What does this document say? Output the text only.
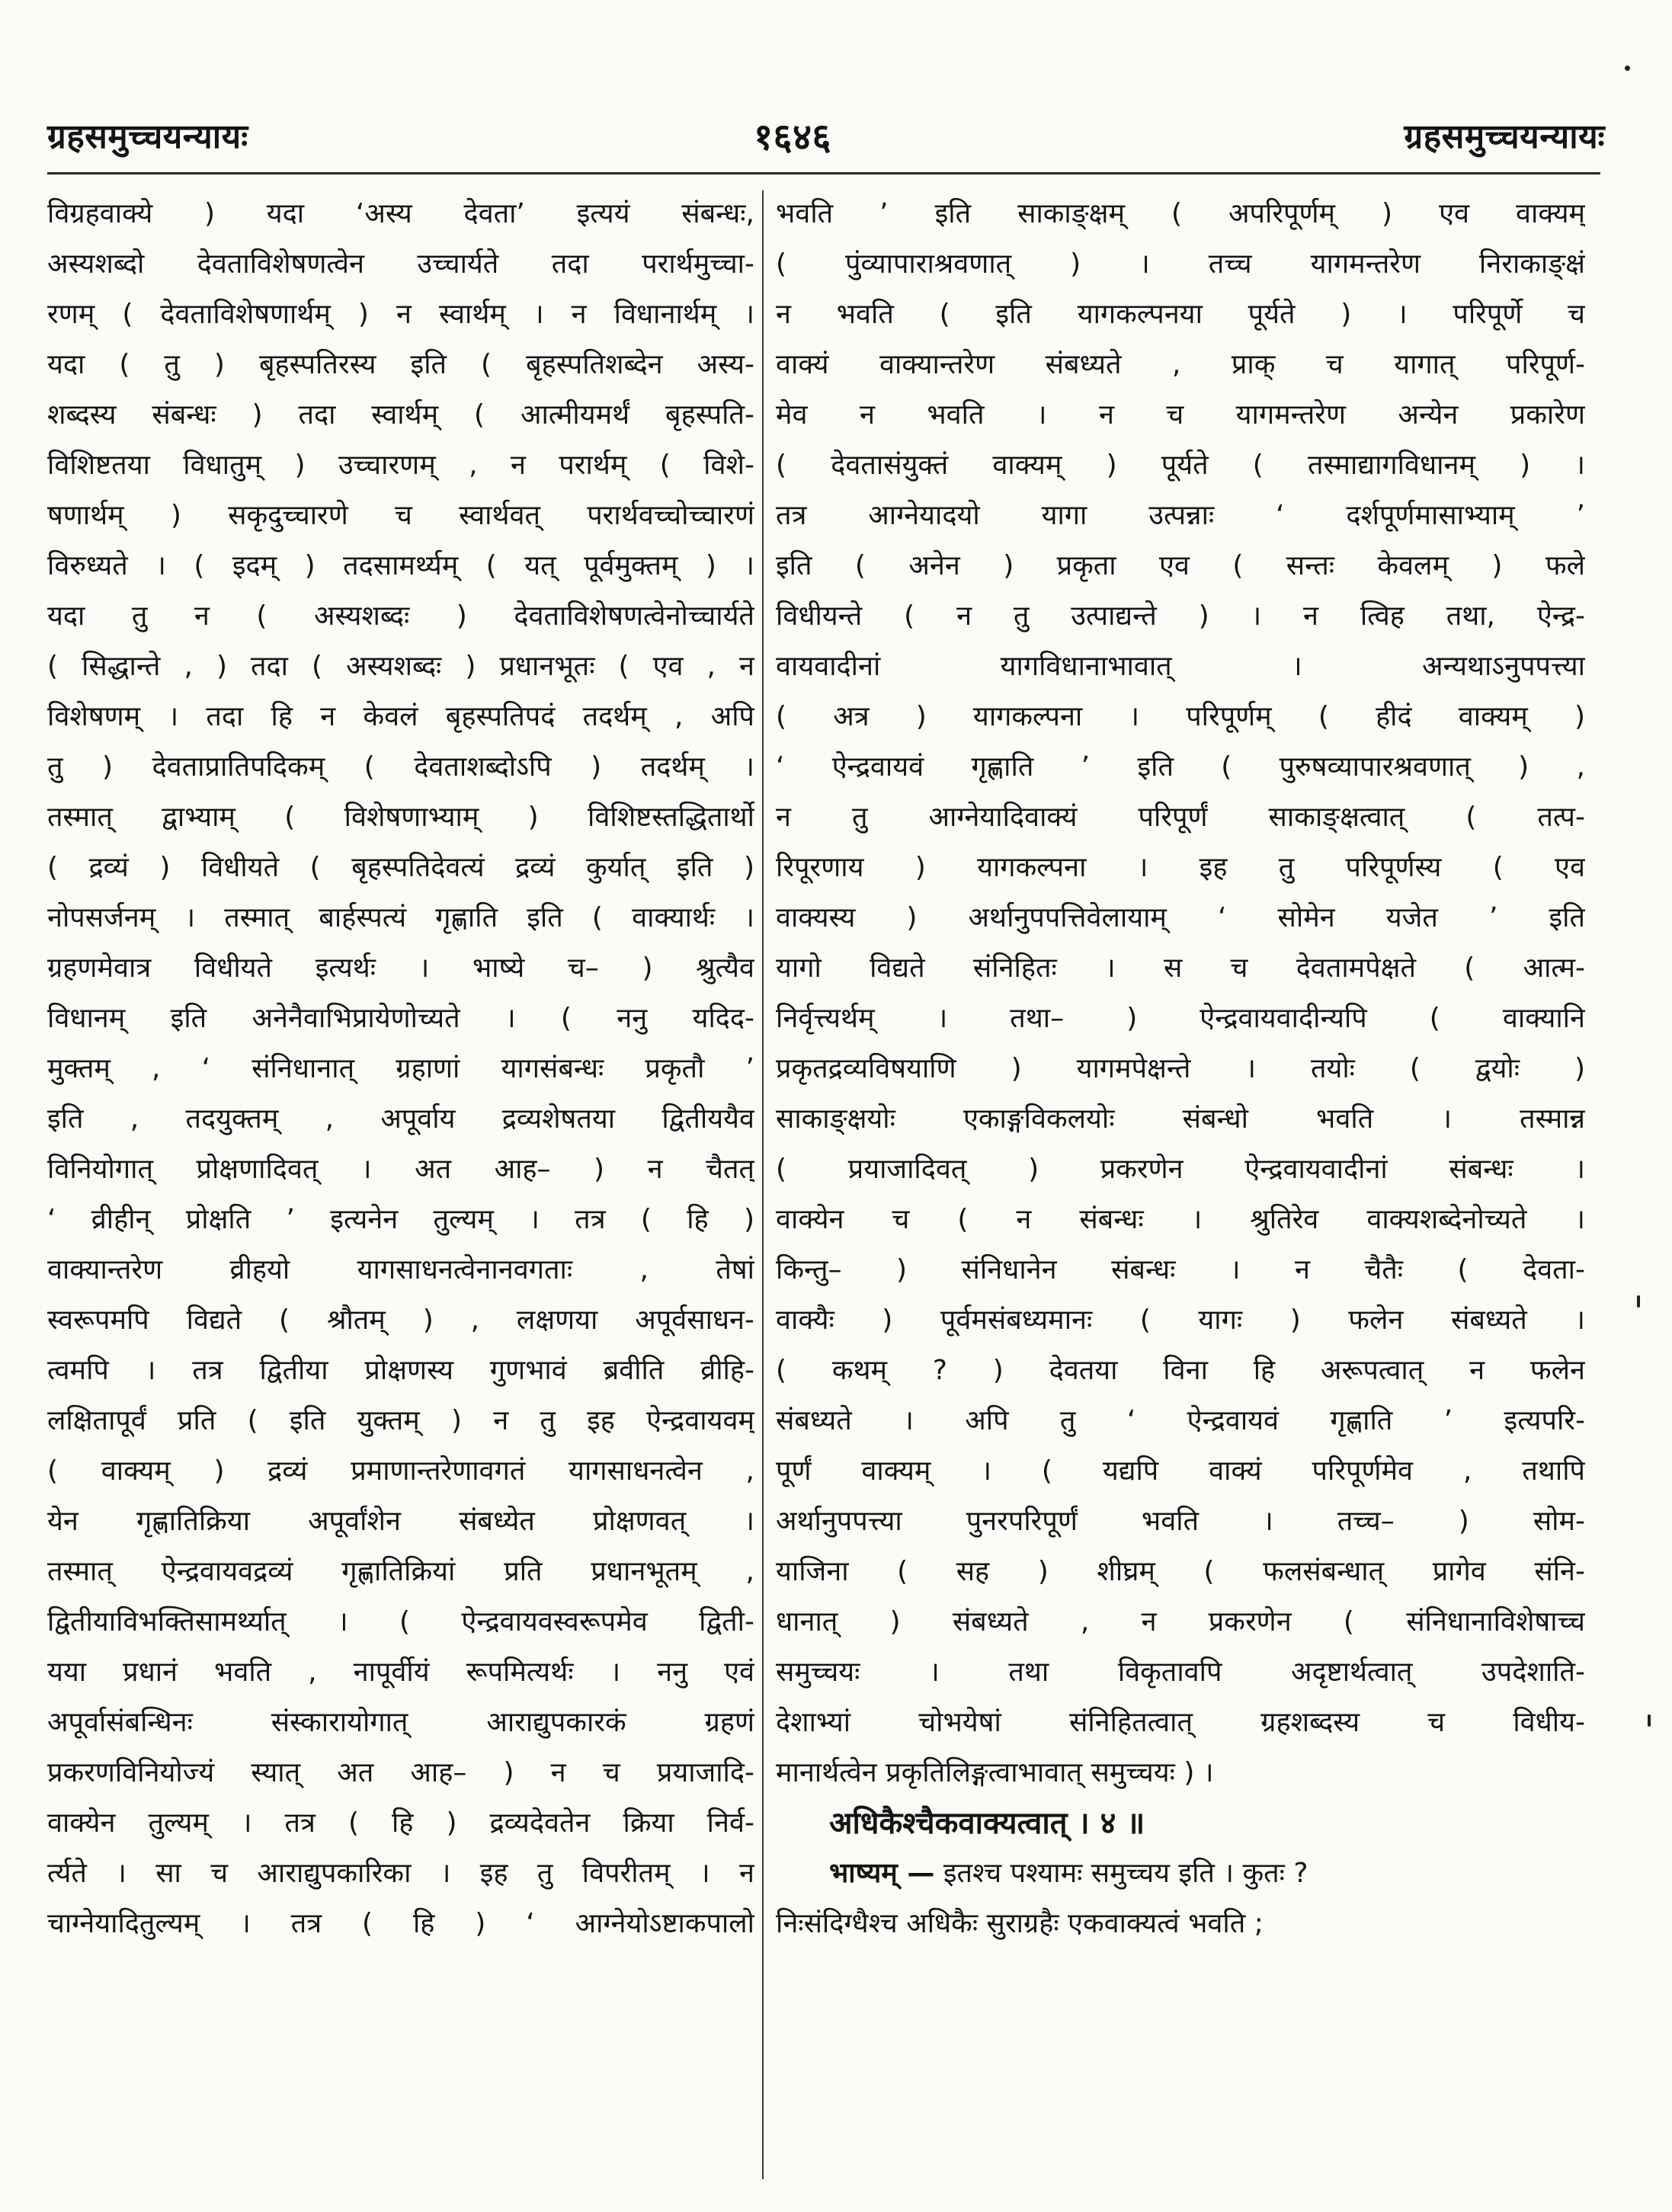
ग्रहसमुच्चयन्यायः	१६४६	ग्रहसमुच्चयन्यायः
विग्रहवाक्ये ) यदा ‘अस्य देवता’ इत्ययं संबन्धः,
अस्यशब्दो देवताविशेषणत्वेन उच्चार्यते तदा परार्थमुच्चा-
रणम् ( देवताविशेषणार्थम् ) न स्वार्थम् । न विधानार्थम् ।
यदा ( तु ) बृहस्पतिरस्य इति ( बृहस्पतिशब्देन अस्य-
शब्दस्य संबन्धः ) तदा स्वार्थम् ( आत्मीयमर्थं बृहस्पति-
विशिष्टतया विधातुम् ) उच्चारणम् , न परार्थम् ( विशे-
षणार्थम् ) सकृदुच्चारणे च स्वार्थवत् परार्थवच्चोच्चारणं
विरुध्यते । ( इदम् ) तदसामर्थ्यम् ( यत् पूर्वमुक्तम् ) ।
यदा तु न ( अस्यशब्दः ) देवताविशेषणत्वेनोच्चार्यते
( सिद्धान्ते , ) तदा ( अस्यशब्दः ) प्रधानभूतः ( एव , न
विशेषणम् । तदा हि न केवलं बृहस्पतिपदं तदर्थम् , अपि
तु ) देवताप्रातिपदिकम् ( देवताशब्दोऽपि ) तदर्थम् ।
तस्मात् द्वाभ्याम् ( विशेषणाभ्याम् ) विशिष्टस्तद्धितार्थो
( द्रव्यं ) विधीयते ( बृहस्पतिदेवत्यं द्रव्यं कुर्यात् इति )
नोपसर्जनम् । तस्मात् बार्हस्पत्यं गृह्णाति इति ( वाक्यार्थः ।
ग्रहणमेवात्र विधीयते इत्यर्थः । भाष्ये च– ) श्रुत्यैव
विधानम् इति अनेनैवाभिप्रायेणोच्यते । ( ननु यदिद-
मुक्तम् , ‘ संनिधानात् ग्रहाणां यागसंबन्धः प्रकृतौ ’
इति , तदयुक्तम् , अपूर्वाय द्रव्यशेषतया द्वितीययैव
विनियोगात् प्रोक्षणादिवत् । अत आह– ) न चैतत्
‘ व्रीहीन् प्रोक्षति ’ इत्यनेन तुल्यम् । तत्र ( हि )
वाक्यान्तरेण व्रीहयो यागसाधनत्वेनानवगताः , तेषां
स्वरूपमपि विद्यते ( श्रौतम् ) , लक्षणया अपूर्वसाधन-
त्वमपि । तत्र द्वितीया प्रोक्षणस्य गुणभावं ब्रवीति व्रीहि-
लक्षितापूर्वं प्रति ( इति युक्तम् ) न तु इह ऐन्द्रवायवम्
( वाक्यम् ) द्रव्यं प्रमाणान्तरेणावगतं यागसाधनत्वेन ,
येन गृह्णातिक्रिया अपूर्वांशेन संबध्येत प्रोक्षणवत् ।
तस्मात् ऐन्द्रवायवद्रव्यं गृह्णातिक्रियां प्रति प्रधानभूतम् ,
द्वितीयाविभक्तिसामर्थ्यात् । ( ऐन्द्रवायवस्वरूपमेव द्विती-
यया प्रधानं भवति , नापूर्वीयं रूपमित्यर्थः । ननु एवं
अपूर्वासंबन्धिनः संस्कारायोगात् आराद्युपकारकं ग्रहणं
प्रकरणविनियोज्यं स्यात् अत आह– ) न च प्रयाजादि-
वाक्येन तुल्यम् । तत्र ( हि ) द्रव्यदेवतेन क्रिया निर्व-
र्त्यते । सा च आराद्युपकारिका । इह तु विपरीतम् । न
चाग्नेयादितुल्यम् । तत्र ( हि ) ‘ आग्नेयोऽष्टाकपालो
भवति ’ इति साकाङ्क्षम् ( अपरिपूर्णम् ) एव वाक्यम्
( पुंव्यापाराश्रवणात् ) । तच्च यागमन्तरेण निराकाङ्क्षं
न भवति ( इति यागकल्पनया पूर्यते ) । परिपूर्णे च
वाक्यं वाक्यान्तरेण संबध्यते , प्राक् च यागात् परिपूर्ण-
मेव न भवति । न च यागमन्तरेण अन्येन प्रकारेण
( देवतासंयुक्तं वाक्यम् ) पूर्यते ( तस्माद्यागविधानम् ) ।
तत्र आग्नेयादयो यागा उत्पन्नाः ‘ दर्शपूर्णमासाभ्याम् ’
इति ( अनेन ) प्रकृता एव ( सन्तः केवलम् ) फले
विधीयन्ते ( न तु उत्पाद्यन्ते ) । न त्विह तथा, ऐन्द्र-
वायवादीनां यागविधानाभावात् । अन्यथाऽनुपपत्त्या
( अत्र ) यागकल्पना । परिपूर्णम् ( हीदं वाक्यम् )
‘ ऐन्द्रवायवं गृह्णाति ’ इति ( पुरुषव्यापारश्रवणात् ) ,
न तु आग्नेयादिवाक्यं परिपूर्णं साकाङ्क्षत्वात् ( तत्प-
रिपूरणाय ) यागकल्पना । इह तु परिपूर्णस्य ( एव
वाक्यस्य ) अर्थानुपपत्तिवेलायाम् ‘ सोमेन यजेत ’ इति
यागो विद्यते संनिहितः । स च देवतामपेक्षते ( आत्म-
निर्वृत्त्यर्थम् । तथा– ) ऐन्द्रवायवादीन्यपि ( वाक्यानि
प्रकृतद्रव्यविषयाणि ) यागमपेक्षन्ते । तयोः ( द्वयोः )
साकाङ्क्षयोः एकाङ्गविकलयोः संबन्धो भवति । तस्मान्न
( प्रयाजादिवत् ) प्रकरणेन ऐन्द्रवायवादीनां संबन्धः ।
वाक्येन च ( न संबन्धः । श्रुतिरेव वाक्यशब्देनोच्यते ।
किन्तु– ) संनिधानेन संबन्धः । न चैतैः ( देवता-
वाक्यैः ) पूर्वमसंबध्यमानः ( यागः ) फलेन संबध्यते ।
( कथम् ? ) देवतया विना हि अरूपत्वात् न फलेन
संबध्यते । अपि तु ‘ ऐन्द्रवायवं गृह्णाति ’ इत्यपरि-
पूर्णं वाक्यम् । ( यद्यपि वाक्यं परिपूर्णमेव , तथापि
अर्थानुपपत्त्या पुनरपरिपूर्णं भवति । तच्च– ) सोम-
याजिना ( सह ) शीघ्रम् ( फलसंबन्धात् प्रागेव संनि-
धानात् ) संबध्यते , न प्रकरणेन ( संनिधानाविशेषाच्च
समुच्चयः । तथा विकृतावपि अदृष्टार्थत्वात् उपदेशाति-
देशाभ्यां चोभयेषां संनिहितत्वात् ग्रहशब्दस्य च विधीय-
मानार्थत्वेन प्रकृतिलिङ्गत्वाभावात् समुच्चयः ) ।
अधिकैश्चैकवाक्यत्वात् । ४ ॥
भाष्यम् — इतश्च पश्यामः समुच्चय इति । कुतः ?
निःसंदिग्धैश्च अधिकैः सुराग्रहैः एकवाक्यत्वं भवति ;
